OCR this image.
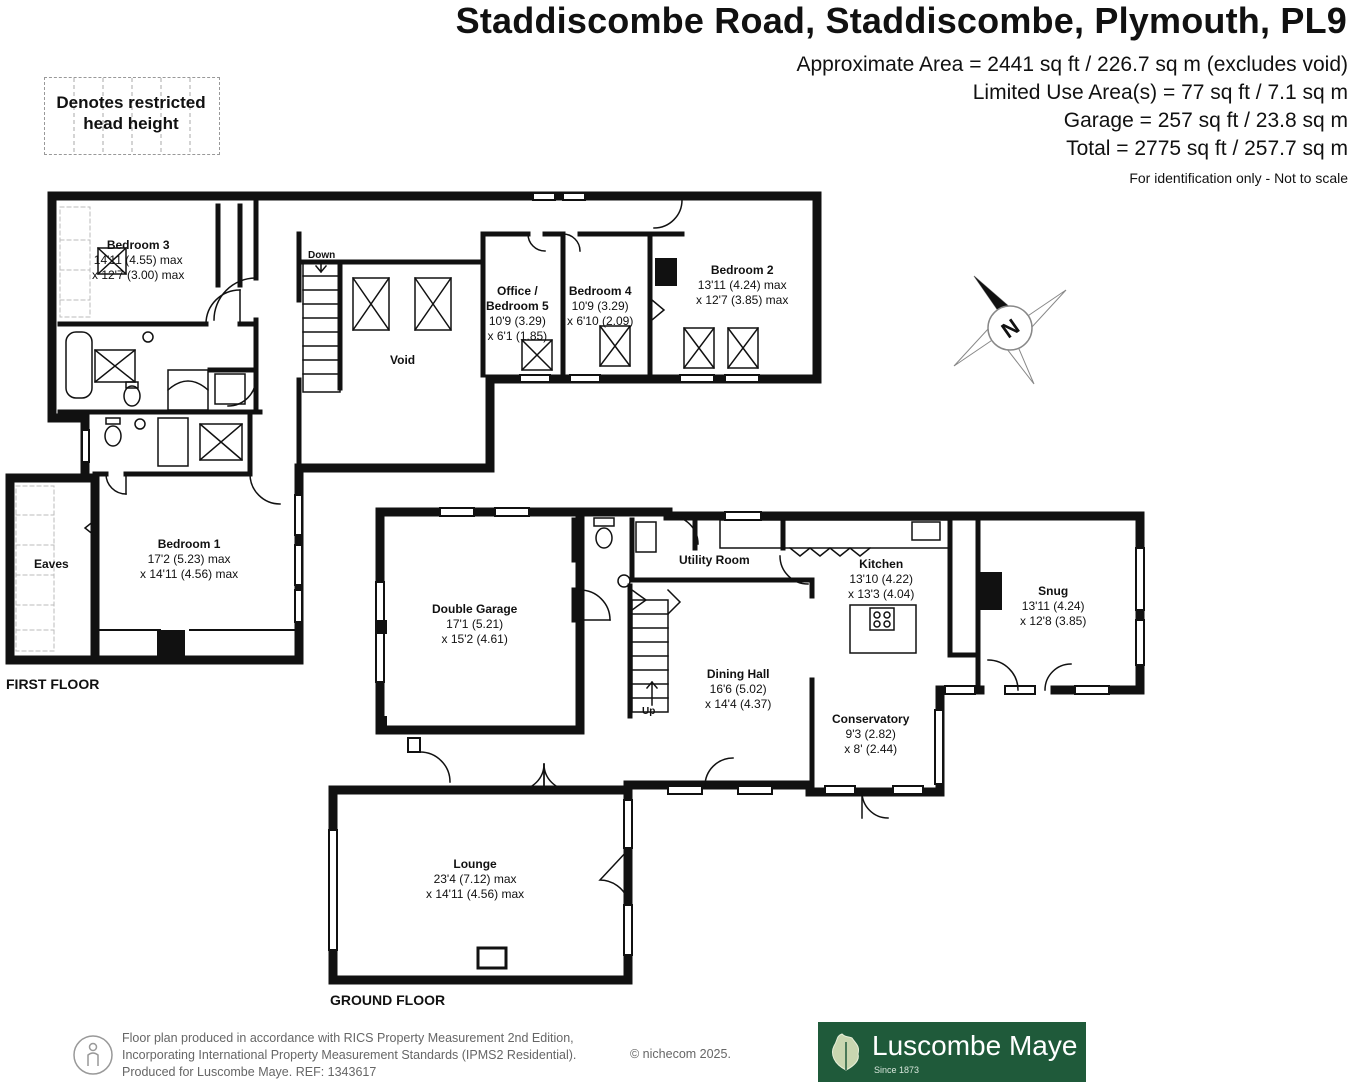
Staddiscombe Road, Staddiscombe, Plymouth, PL9
Approximate Area = 2441 sq ft / 226.7 sq m (excludes void)
Limited Use Area(s) = 77 sq ft / 7.1 sq m
Garage = 257 sq ft / 23.8 sq m
Total = 2775 sq ft / 257.7 sq m
For identification only - Not to scale
Denotes restricted
head height
N
Bedroom 3
14'11 (4.55) max
x 12'7 (3.00) max
Void
Down
Office /
Bedroom 5
10'9 (3.29)
x 6'1 (1.85)
Bedroom 4
10'9 (3.29)
x 6'10 (2.09)
Bedroom 2
13'11 (4.24) max
x 12'7 (3.85) max
Bedroom 1
17'2 (5.23) max
x 14'11 (4.56) max
Eaves
FIRST FLOOR
Double Garage
17'1 (5.21)
x 15'2 (4.61)
Utility Room	Kitchen
13'10 (4.22)
x 13'3 (4.04)	Snug
13'11 (4.24)
x 12'8 (3.85)
Dining Hall
16'6 (5.02)
x 14'4 (4.37)
Up
Conservatory
9'3 (2.82)
x 8' (2.44)
Lounge
23'4 (7.12) max
x 14'11 (4.56) max
GROUND FLOOR
Floor plan produced in accordance with RICS Property Measurement 2nd Edition,
Incorporating International Property Measurement Standards (IPMS2 Residential).
Produced for Luscombe Maye. REF: 1343617
© nichecom 2025.	Luscombe Maye
Since 1873
